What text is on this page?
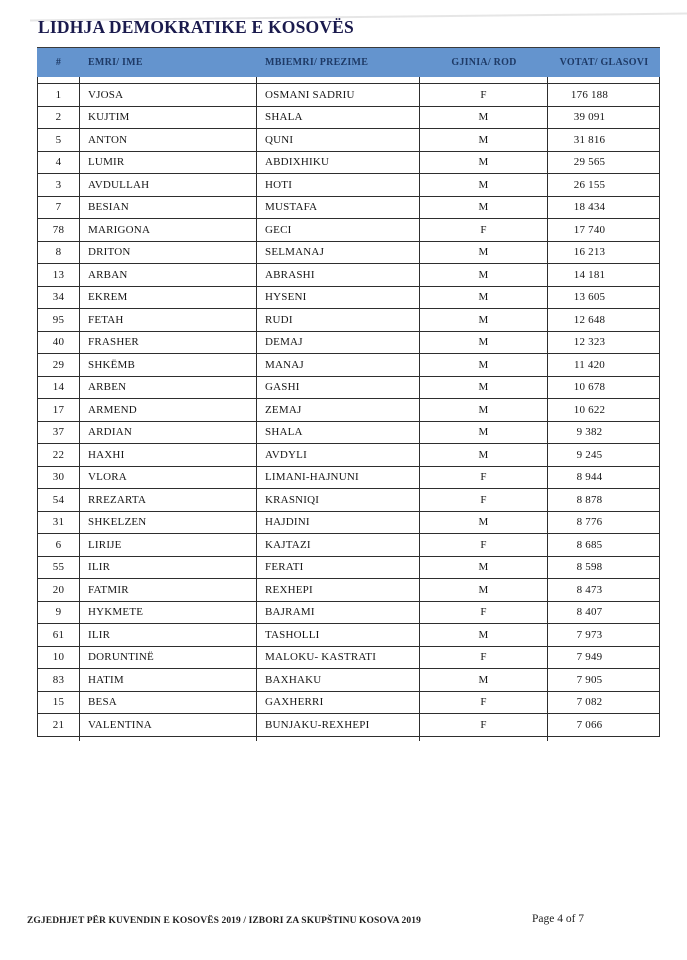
LIDHJA DEMOKRATIKE E KOSOVËS
#	EMRI/ IME	MBIEMRI/ PREZIME	GJINIA/ ROD	VOTAT/ GLASOVI
1	VJOSA	OSMANI SADRIU	F	176 188
2	KUJTIM	SHALA	M	39 091
5	ANTON	QUNI	M	31 816
4	LUMIR	ABDIXHIKU	M	29 565
3	AVDULLAH	HOTI	M	26 155
7	BESIAN	MUSTAFA	M	18 434
78	MARIGONA	GECI	F	17 740
8	DRITON	SELMANAJ	M	16 213
13	ARBAN	ABRASHI	M	14 181
34	EKREM	HYSENI	M	13 605
95	FETAH	RUDI	M	12 648
40	FRASHER	DEMAJ	M	12 323
29	SHKËMB	MANAJ	M	11 420
14	ARBEN	GASHI	M	10 678
17	ARMEND	ZEMAJ	M	10 622
37	ARDIAN	SHALA	M	9 382
22	HAXHI	AVDYLI	M	9 245
30	VLORA	LIMANI-HAJNUNI	F	8 944
54	RREZARTA	KRASNIQI	F	8 878
31	SHKELZEN	HAJDINI	M	8 776
6	LIRIJE	KAJTAZI	F	8 685
55	ILIR	FERATI	M	8 598
20	FATMIR	REXHEPI	M	8 473
9	HYKMETE	BAJRAMI	F	8 407
61	ILIR	TASHOLLI	M	7 973
10	DORUNTINË	MALOKU- KASTRATI	F	7 949
83	HATIM	BAXHAKU	M	7 905
15	BESA	GAXHERRI	F	7 082
21	VALENTINA	BUNJAKU-REXHEPI	F	7 066
ZGJEDHJET PËR KUVENDIN E KOSOVËS 2019 / IZBORI ZA SKUPŠTINU KOSOVA 2019	Page 4 of 7
